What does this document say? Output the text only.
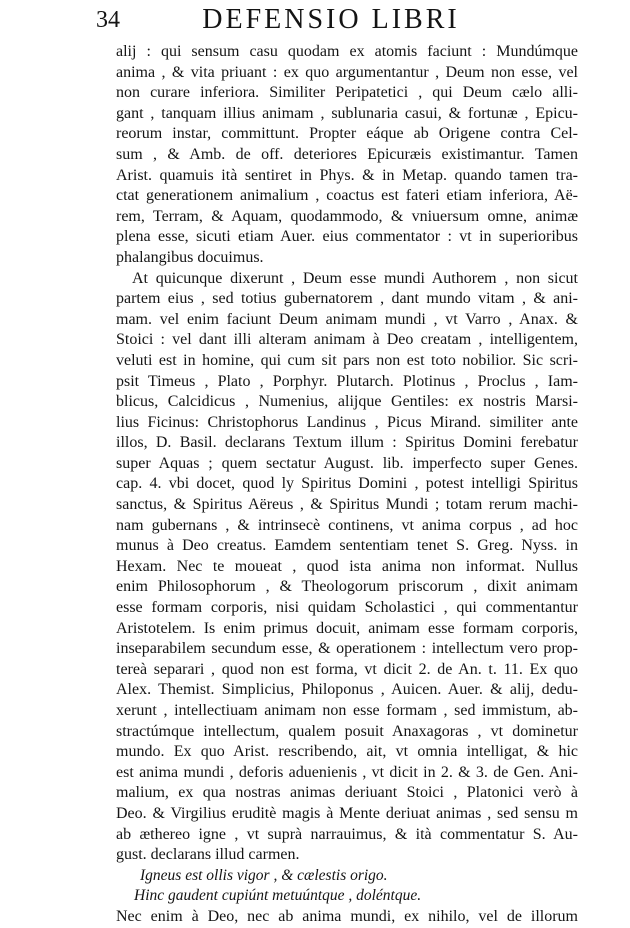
34	DEFENSIO LIBRI
alij : qui sensum casu quodam ex atomis faciunt : Mundúmque
anima , & vita priuant : ex quo argumentantur , Deum non esse, vel
non curare inferiora. Similiter Peripatetici , qui Deum cælo alli-
gant , tanquam illius animam , sublunaria casui, & fortunæ , Epicu-
reorum instar, committunt. Propter eáque ab Origene contra Cel-
sum , & Amb. de off. deteriores Epicuræis existimantur. Tamen
Arist. quamuis ità sentiret in Phys. & in Metap. quando tamen tra-
ctat generationem animalium , coactus est fateri etiam inferiora, Aë-
rem, Terram, & Aquam, quodammodo, & vniuersum omne, animæ
plena esse, sicuti etiam Auer. eius commentator : vt in superioribus
phalangibus docuimus.
At quicunque dixerunt , Deum esse mundi Authorem , non sicut
partem eius , sed totius gubernatorem , dant mundo vitam , & ani-
mam. vel enim faciunt Deum animam mundi , vt Varro , Anax. &
Stoici : vel dant illi alteram animam à Deo creatam , intelligentem,
veluti est in homine, qui cum sit pars non est toto nobilior. Sic scri-
psit Timeus , Plato , Porphyr. Plutarch. Plotinus , Proclus , Iam-
blicus, Calcidicus , Numenius, alijque Gentiles: ex nostris Marsi-
lius Ficinus: Christophorus Landinus , Picus Mirand. similiter ante
illos, D. Basil. declarans Textum illum : Spiritus Domini ferebatur
super Aquas ; quem sectatur August. lib. imperfecto super Genes.
cap. 4. vbi docet, quod ly Spiritus Domini , potest intelligi Spiritus
sanctus, & Spiritus Aëreus , & Spiritus Mundi ; totam rerum machi-
nam gubernans , & intrinsecè continens, vt anima corpus , ad hoc
munus à Deo creatus. Eamdem sententiam tenet S. Greg. Nyss. in
Hexam. Nec te moueat , quod ista anima non informat. Nullus
enim Philosophorum , & Theologorum priscorum , dixit animam
esse formam corporis, nisi quidam Scholastici , qui commentantur
Aristotelem. Is enim primus docuit, animam esse formam corporis,
inseparabilem secundum esse, & operationem : intellectum vero prop-
tereà separari , quod non est forma, vt dicit 2. de An. t. 11. Ex quo
Alex. Themist. Simplicius, Philoponus , Auicen. Auer. & alij, dedu-
xerunt , intellectiuam animam non esse formam , sed immistum, ab-
stractúmque intellectum, qualem posuit Anaxagoras , vt dominetur
mundo. Ex quo Arist. rescribendo, ait, vt omnia intelligat, & hic
est anima mundi , deforis aduenienis , vt dicit in 2. & 3. de Gen. Ani-
malium, ex qua nostras animas deriuant Stoici , Platonici verò à
Deo. & Virgilius eruditè magis à Mente deriuat animas , sed sensu m
ab æthereo igne , vt suprà narrauimus, & ità commentatur S. Au-
gust. declarans illud carmen.
Igneus est ollis vigor , & cælestis origo.
Hinc gaudent cupiúnt metuúntque , doléntque.
Nec enim à Deo, nec ab anima mundi, ex nihilo, vel de illorum
